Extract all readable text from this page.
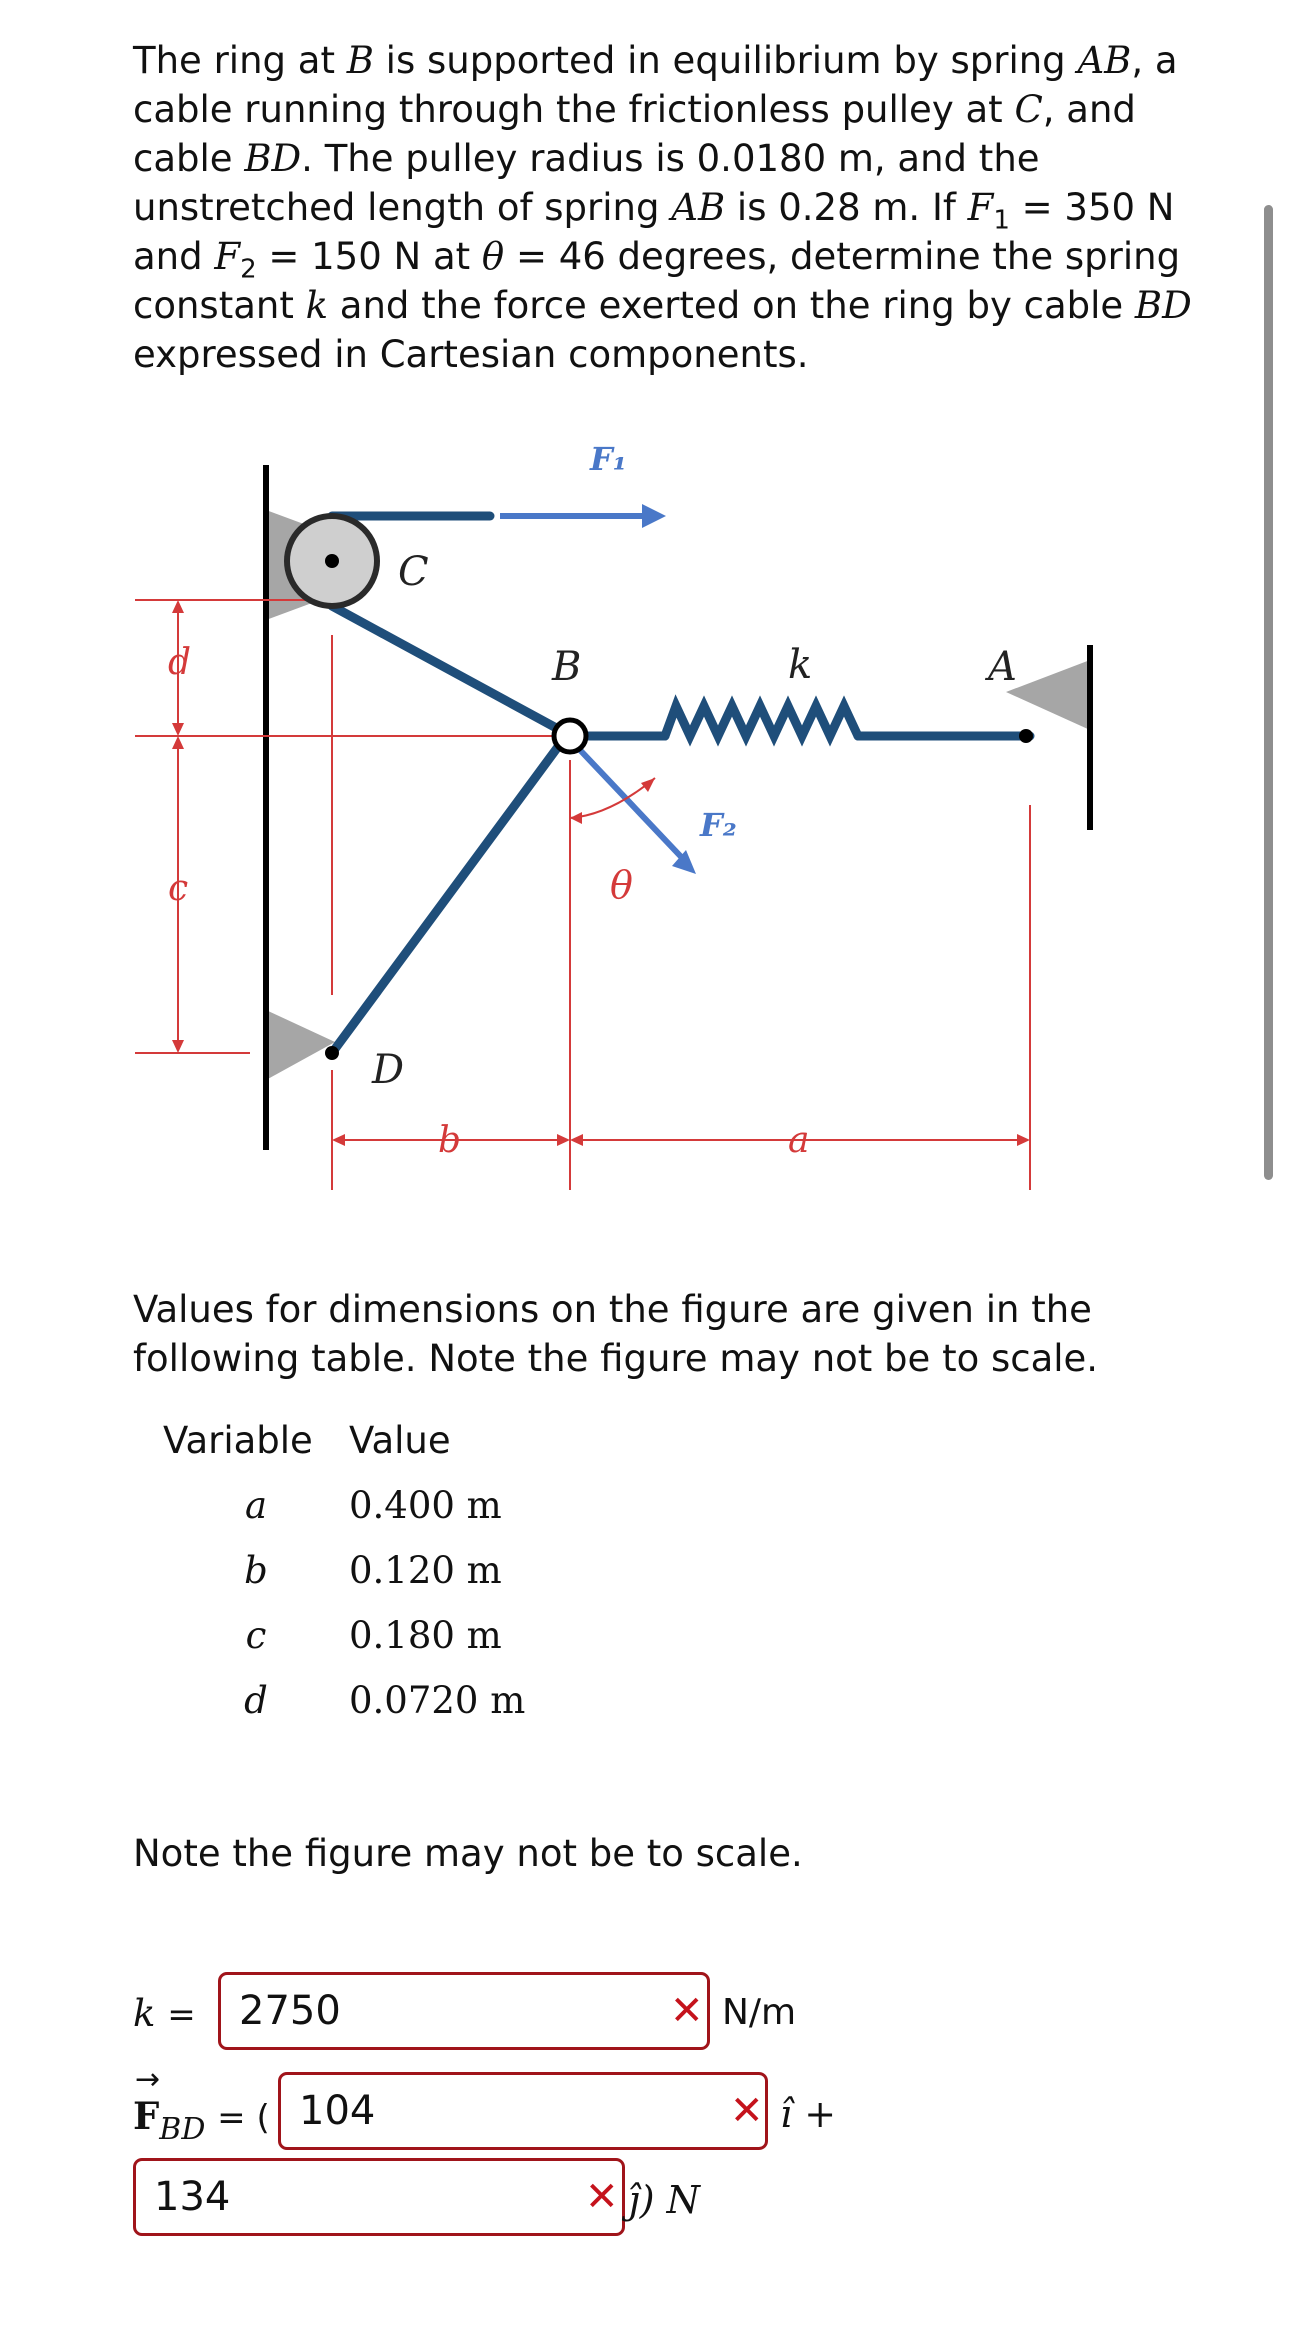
The ring at B is supported in equilibrium by spring AB, a cable running through the frictionless pulley at C, and cable BD. The pulley radius is 0.0180 m, and the unstretched length of spring AB is 0.28 m. If $F_1 = 350$ N and $F_2 = 150$ N at θ = 46 degrees, determine the spring constant k and the force exerted on the ring by cable BD expressed in Cartesian components.
F₁
C
B	k	A
d
c
F₂
θ
D
b	a
Values for dimensions on the figure are given in the following table. Note the figure may not be to scale.
Variable Value
a	0.400 m
b	0.120 m
c	0.180 m
d	0.0720 m
Note the figure may not be to scale.
k =	2750	✕ N/m
→
$F_{BD}$ = ( 104	✕ î +
134	✕ ĵ) N
